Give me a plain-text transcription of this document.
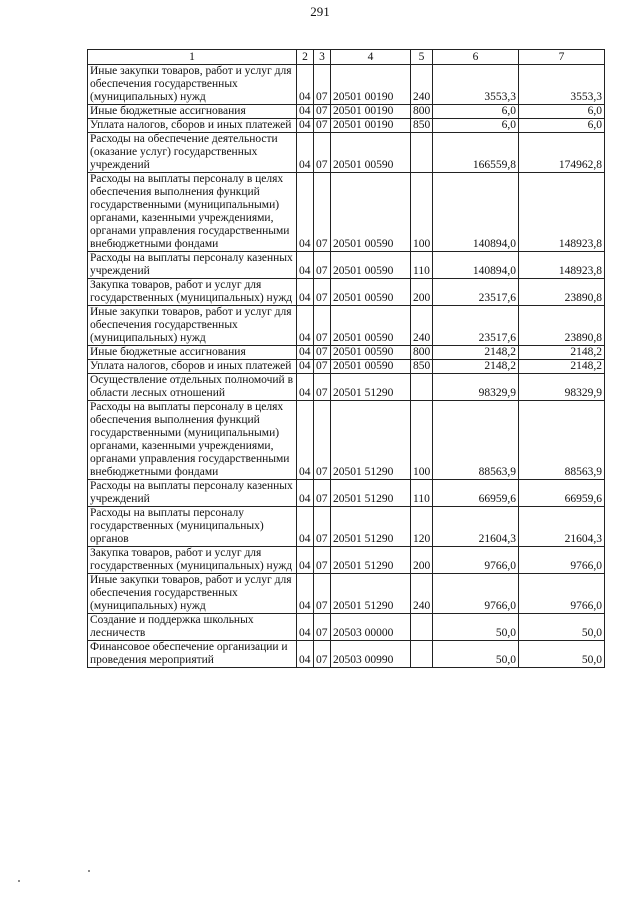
291
1	2	3	4	5	6	7
Иные закупки товаров, работ и услуг для обеспечения государственных (муниципальных) нужд	04	07	20501 00190	240	3553,3	3553,3
Иные бюджетные ассигнования	04	07	20501 00190	800	6,0	6,0
Уплата налогов, сборов и иных платежей	04	07	20501 00190	850	6,0	6,0
Расходы на обеспечение деятельности (оказание услуг) государственных учреждений	04	07	20501 00590		166559,8	174962,8
Расходы на выплаты персоналу в целях обеспечения выполнения функций государственными (муниципальными) органами, казенными учреждениями, органами управления государственными внебюджетными фондами	04	07	20501 00590	100	140894,0	148923,8
Расходы на выплаты персоналу казенных учреждений	04	07	20501 00590	110	140894,0	148923,8
Закупка товаров, работ и услуг для государственных (муниципальных) нужд	04	07	20501 00590	200	23517,6	23890,8
Иные закупки товаров, работ и услуг для обеспечения государственных (муниципальных) нужд	04	07	20501 00590	240	23517,6	23890,8
Иные бюджетные ассигнования	04	07	20501 00590	800	2148,2	2148,2
Уплата налогов, сборов и иных платежей	04	07	20501 00590	850	2148,2	2148,2
Осуществление отдельных полномочий в области лесных отношений	04	07	20501 51290		98329,9	98329,9
Расходы на выплаты персоналу в целях обеспечения выполнения функций государственными (муниципальными) органами, казенными учреждениями, органами управления государственными внебюджетными фондами	04	07	20501 51290	100	88563,9	88563,9
Расходы на выплаты персоналу казенных учреждений	04	07	20501 51290	110	66959,6	66959,6
Расходы на выплаты персоналу государственных (муниципальных) органов	04	07	20501 51290	120	21604,3	21604,3
Закупка товаров, работ и услуг для государственных (муниципальных) нужд	04	07	20501 51290	200	9766,0	9766,0
Иные закупки товаров, работ и услуг для обеспечения государственных (муниципальных) нужд	04	07	20501 51290	240	9766,0	9766,0
Создание и поддержка школьных лесничеств	04	07	20503 00000		50,0	50,0
Финансовое обеспечение организации и проведения мероприятий	04	07	20503 00990		50,0	50,0
